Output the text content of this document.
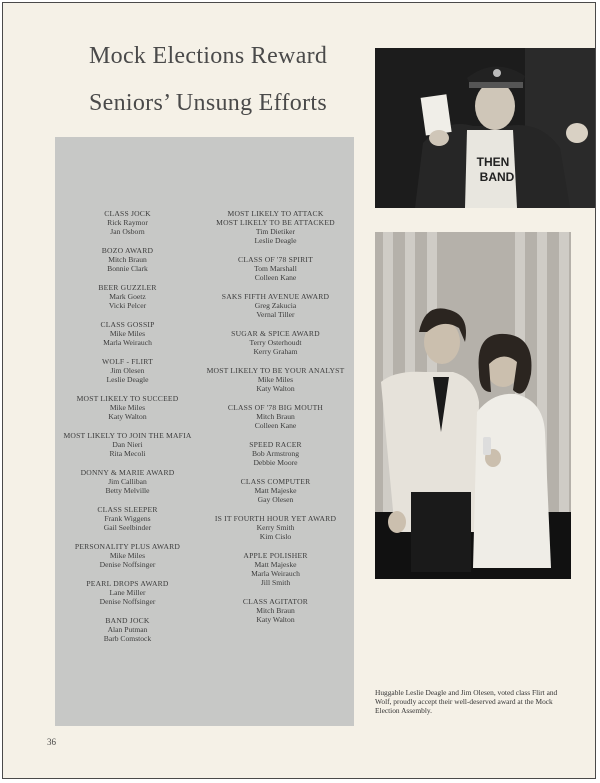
Mock Elections Reward
Seniors’ Unsung Efforts
CLASS JOCK
Rick Raymor
Jan Osborn
BOZO AWARD
Mitch Braun
Bonnie Clark
BEER GUZZLER
Mark Goetz
Vicki Pelcer
CLASS GOSSIP
Mike Miles
Marla Weirauch
WOLF - FLIRT
Jim Olesen
Leslie Deagle
MOST LIKELY TO SUCCEED
Mike Miles
Katy Walton
MOST LIKELY TO JOIN THE MAFIA
Dan Nieri
Rita Mecoli
DONNY & MARIE AWARD
Jim Calliban
Betty Melville
CLASS SLEEPER
Frank Wiggens
Gail Seelbinder
PERSONALITY PLUS AWARD
Mike Miles
Denise Noffsinger
PEARL DROPS AWARD
Lane Miller
Denise Noffsinger
BAND JOCK
Alan Putman
Barb Comstock
MOST LIKELY TO ATTACK
MOST LIKELY TO BE ATTACKED
Tim Dietiker
Leslie Deagle
CLASS OF '78 SPIRIT
Tom Marshall
Colleen Kane
SAKS FIFTH AVENUE AWARD
Greg Zakucia
Vernal Tiller
SUGAR & SPICE AWARD
Terry Osterhoudt
Kerry Graham
MOST LIKELY TO BE YOUR ANALYST
Mike Miles
Katy Walton
CLASS OF '78 BIG MOUTH
Mitch Braun
Colleen Kane
SPEED RACER
Bob Armstrong
Debbie Moore
CLASS COMPUTER
Matt Majeske
Gay Olesen
IS IT FOURTH HOUR YET AWARD
Kerry Smith
Kim Cislo
APPLE POLISHER
Matt Majeske
Marla Weirauch
Jill Smith
CLASS AGITATOR
Mitch Braun
Katy Walton
THEN
BAND
Huggable Leslie Deagle and Jim Olesen, voted class Flirt and Wolf, proudly accept their well-deserved award at the Mock Election Assembly.
36
